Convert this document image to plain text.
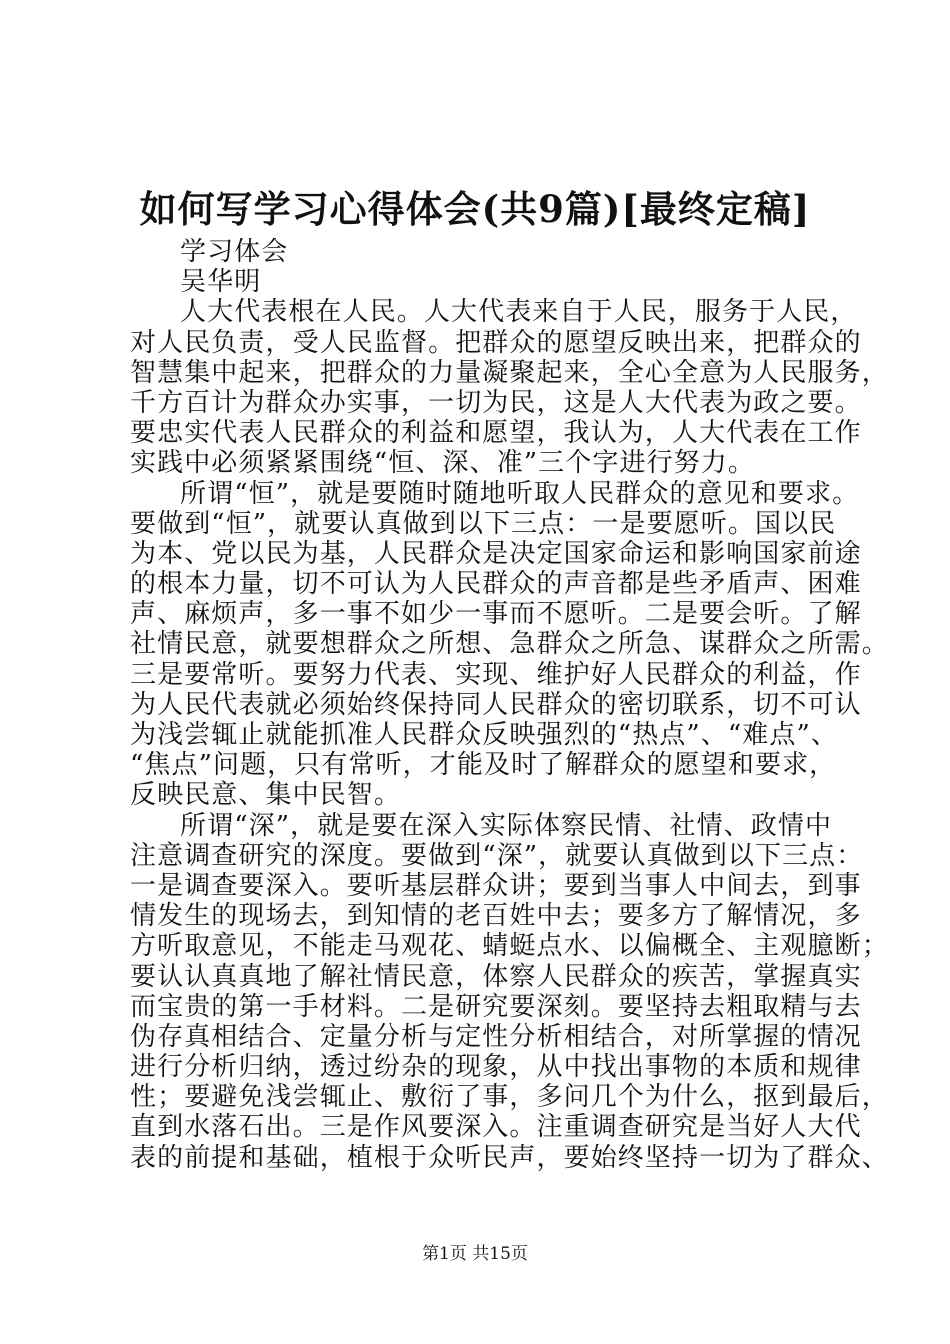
如何写学习心得体会(共9篇)[最终定稿]
学习体会
吴华明
人大代表根在人民。人大代表来自于人民，服务于人民，
对人民负责，受人民监督。把群众的愿望反映出来，把群众的
智慧集中起来，把群众的力量凝聚起来，全心全意为人民服务，
千方百计为群众办实事，一切为民，这是人大代表为政之要。
要忠实代表人民群众的利益和愿望，我认为，人大代表在工作
实践中必须紧紧围绕“恒、深、准”三个字进行努力。
所谓“恒”，就是要随时随地听取人民群众的意见和要求。
要做到“恒”，就要认真做到以下三点：一是要愿听。国以民
为本、党以民为基，人民群众是决定国家命运和影响国家前途
的根本力量，切不可认为人民群众的声音都是些矛盾声、困难
声、麻烦声，多一事不如少一事而不愿听。二是要会听。了解
社情民意，就要想群众之所想、急群众之所急、谋群众之所需。
三是要常听。要努力代表、实现、维护好人民群众的利益，作
为人民代表就必须始终保持同人民群众的密切联系，切不可认
为浅尝辄止就能抓准人民群众反映强烈的“热点”、“难点”、
“焦点”问题，只有常听，才能及时了解群众的愿望和要求，
反映民意、集中民智。
所谓“深”，就是要在深入实际体察民情、社情、政情中
注意调查研究的深度。要做到“深”，就要认真做到以下三点：
一是调查要深入。要听基层群众讲；要到当事人中间去，到事
情发生的现场去，到知情的老百姓中去；要多方了解情况，多
方听取意见，不能走马观花、蜻蜓点水、以偏概全、主观臆断；
要认认真真地了解社情民意，体察人民群众的疾苦，掌握真实
而宝贵的第一手材料。二是研究要深刻。要坚持去粗取精与去
伪存真相结合、定量分析与定性分析相结合，对所掌握的情况
进行分析归纳，透过纷杂的现象，从中找出事物的本质和规律
性；要避免浅尝辄止、敷衍了事，多问几个为什么，抠到最后，
直到水落石出。三是作风要深入。注重调查研究是当好人大代
表的前提和基础，植根于众听民声，要始终坚持一切为了群众、
第1页 共15页
